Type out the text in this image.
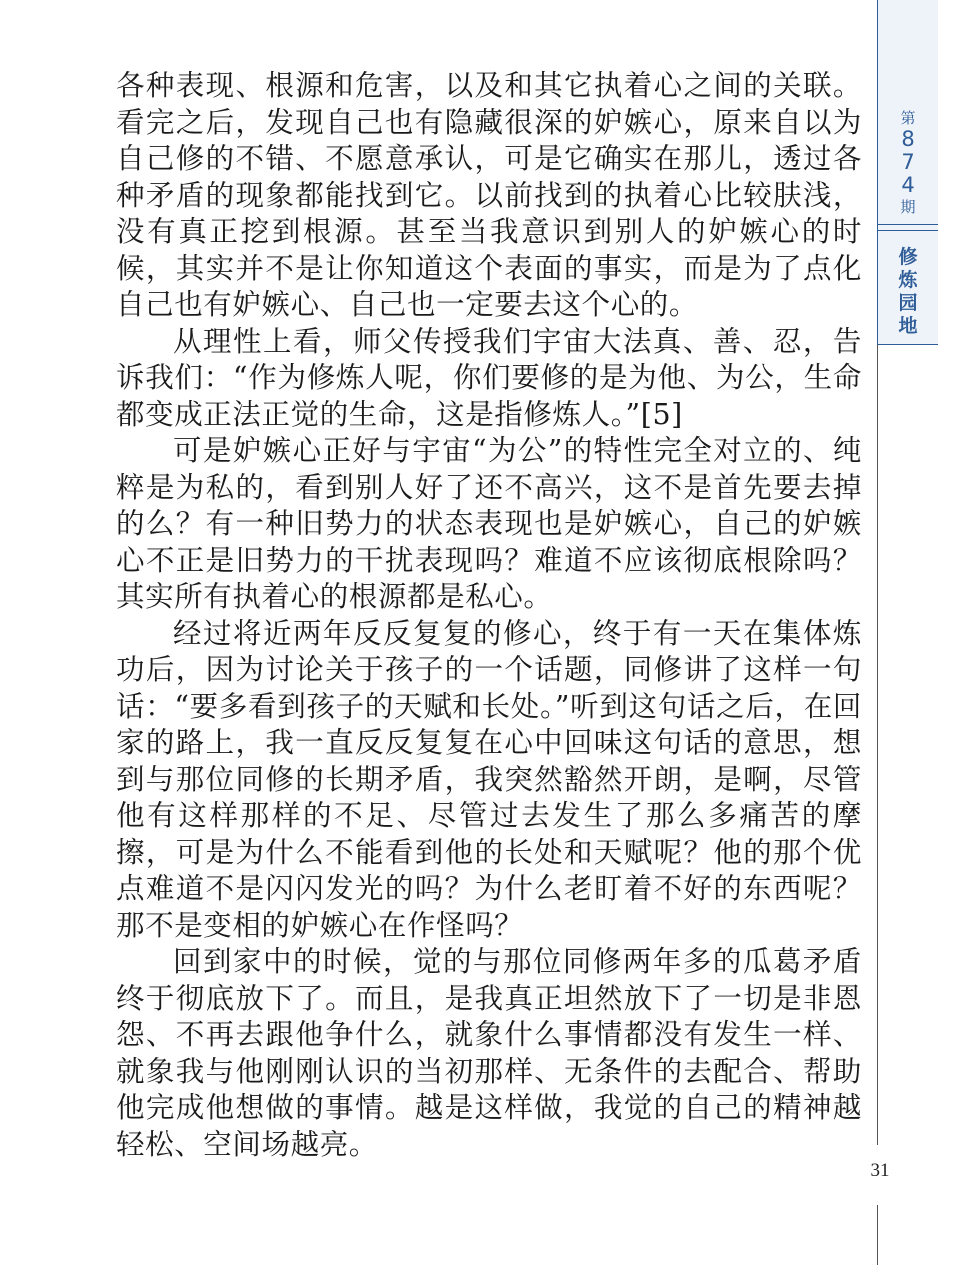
各种表现、根源和危害，以及和其它执着心之间的关联。看完之后，发现自己也有隐藏很深的妒嫉心，原来自以为自己修的不错、不愿意承认，可是它确实在那儿，透过各种矛盾的现象都能找到它。以前找到的执着心比较肤浅，没有真正挖到根源。甚至当我意识到别人的妒嫉心的时候，其实并不是让你知道这个表面的事实，而是为了点化自己也有妒嫉心、自己也一定要去这个心的。

从理性上看，师父传授我们宇宙大法真、善、忍，告诉我们：“作为修炼人呢，你们要修的是为他、为公，生命都变成正法正觉的生命，这是指修炼人。”[5]

可是妒嫉心正好与宇宙“为公”的特性完全对立的、纯粹是为私的，看到别人好了还不高兴，这不是首先要去掉的么？有一种旧势力的状态表现也是妒嫉心，自己的妒嫉心不正是旧势力的干扰表现吗？难道不应该彻底根除吗？其实所有执着心的根源都是私心。

经过将近两年反反复复的修心，终于有一天在集体炼功后，因为讨论关于孩子的一个话题，同修讲了这样一句话：“要多看到孩子的天赋和长处。”听到这句话之后，在回家的路上，我一直反反复复在心中回味这句话的意思，想到与那位同修的长期矛盾，我突然豁然开朗，是啊，尽管他有这样那样的不足、尽管过去发生了那么多痛苦的摩擦，可是为什么不能看到他的长处和天赋呢？他的那个优点难道不是闪闪发光的吗？为什么老盯着不好的东西呢？那不是变相的妒嫉心在作怪吗？

回到家中的时候，觉的与那位同修两年多的瓜葛矛盾终于彻底放下了。而且，是我真正坦然放下了一切是非恩怨、不再去跟他争什么，就象什么事情都没有发生一样、就象我与他刚刚认识的当初那样、无条件的去配合、帮助他完成他想做的事情。越是这样做，我觉的自己的精神越轻松、空间场越亮。

第
8
7
4
期
修
炼
园
地
31
